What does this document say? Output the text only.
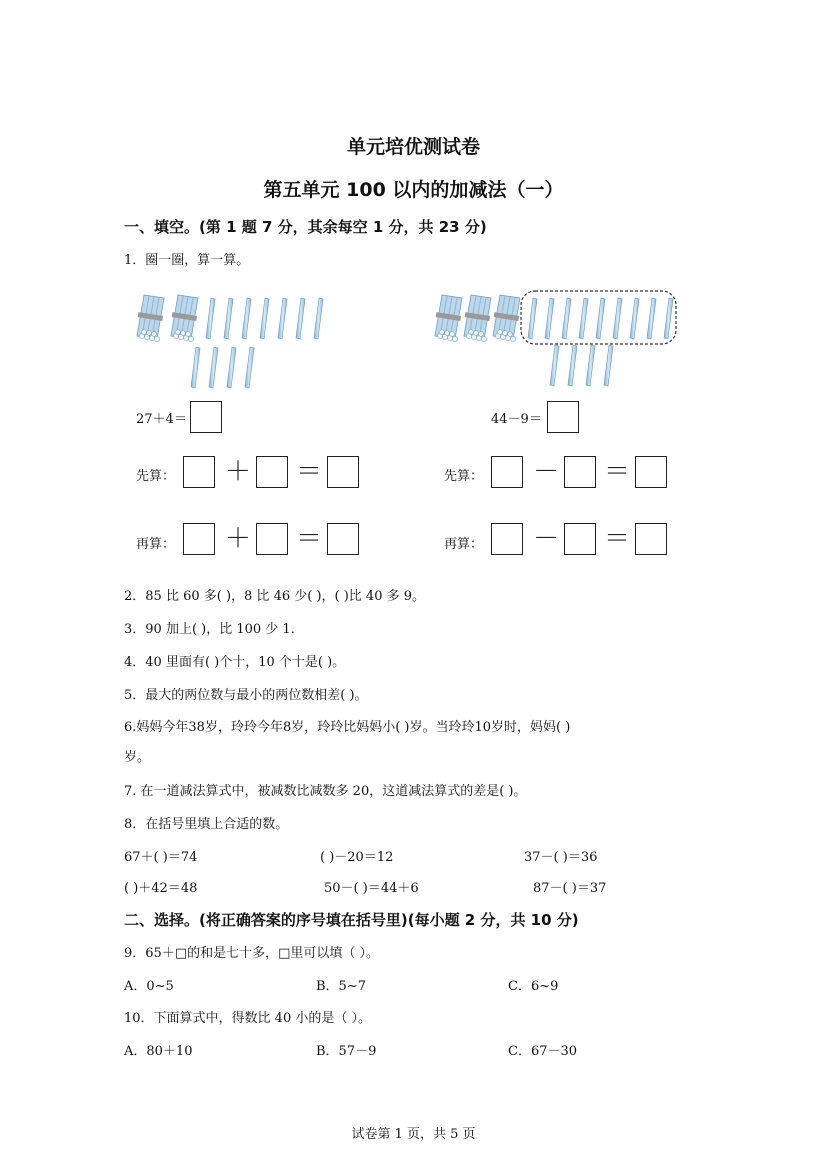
单元培优测试卷
第五单元 100 以内的加减法（一）
一、填空。(第 1 题 7 分，其余每空 1 分，共 23 分)
1．圈一圈，算一算。
27＋4＝	44－9＝
先算： ＋ ＝	先算： － ＝
再算： ＋ ＝	再算： － ＝
2．85 比 60 多( )，8 比 46 少( )，( )比 40 多 9。
3．90 加上( )，比 100 少 1．
4．40 里面有( )个十，10 个十是( )。
5．最大的两位数与最小的两位数相差( )。
6.妈妈今年38岁，玲玲今年8岁，玲玲比妈妈小( )岁。当玲玲10岁时，妈妈( )
岁。
7. 在一道减法算式中，被减数比减数多 20，这道减法算式的差是( )。
8．在括号里填上合适的数。
67＋( )＝74	( )－20＝12	37－( )＝36
( )＋42＝48	50－( )＝44＋6	87－( )＝37
二、选择。(将正确答案的序号填在括号里)(每小题 2 分，共 10 分)
9．65＋□的和是七十多，□里可以填（ ）。
A．0~5	B．5~7	C．6~9
10．下面算式中，得数比 40 小的是（ ）。
A．80＋10	B．57－9	C．67－30
试卷第 1 页，共 5 页
